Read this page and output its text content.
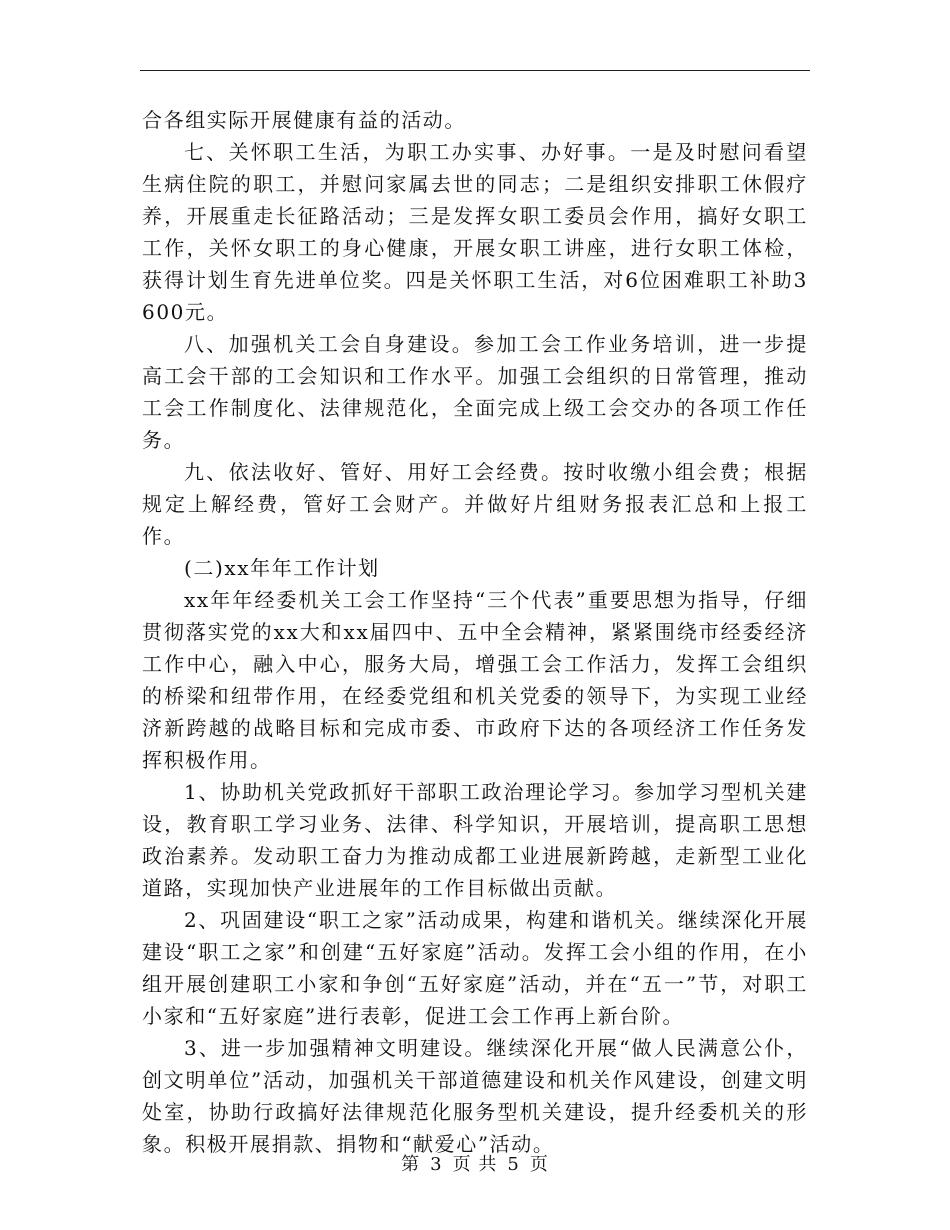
合各组实际开展健康有益的活动。

七、关怀职工生活，为职工办实事、办好事。一是及时慰问看望生病住院的职工，并慰问家属去世的同志；二是组织安排职工休假疗养，开展重走长征路活动；三是发挥女职工委员会作用，搞好女职工工作，关怀女职工的身心健康，开展女职工讲座，进行女职工体检，获得计划生育先进单位奖。四是关怀职工生活，对6位困难职工补助3600元。

八、加强机关工会自身建设。参加工会工作业务培训，进一步提高工会干部的工会知识和工作水平。加强工会组织的日常管理，推动工会工作制度化、法律规范化，全面完成上级工会交办的各项工作任务。

九、依法收好、管好、用好工会经费。按时收缴小组会费；根据规定上解经费，管好工会财产。并做好片组财务报表汇总和上报工作。

(二)xx年年工作计划

xx年年经委机关工会工作坚持“三个代表”重要思想为指导，仔细贯彻落实党的xx大和xx届四中、五中全会精神，紧紧围绕市经委经济工作中心，融入中心，服务大局，增强工会工作活力，发挥工会组织的桥梁和纽带作用，在经委党组和机关党委的领导下，为实现工业经济新跨越的战略目标和完成市委、市政府下达的各项经济工作任务发挥积极作用。

1、协助机关党政抓好干部职工政治理论学习。参加学习型机关建设，教育职工学习业务、法律、科学知识，开展培训，提高职工思想政治素养。发动职工奋力为推动成都工业进展新跨越，走新型工业化道路，实现加快产业进展年的工作目标做出贡献。

2、巩固建设“职工之家”活动成果，构建和谐机关。继续深化开展建设“职工之家”和创建“五好家庭”活动。发挥工会小组的作用，在小组开展创建职工小家和争创“五好家庭”活动，并在“五一”节，对职工小家和“五好家庭”进行表彰，促进工会工作再上新台阶。

3、进一步加强精神文明建设。继续深化开展“做人民满意公仆，创文明单位”活动，加强机关干部道德建设和机关作风建设，创建文明处室，协助行政搞好法律规范化服务型机关建设，提升经委机关的形象。积极开展捐款、捐物和“献爱心”活动。

第 3 页 共 5 页
